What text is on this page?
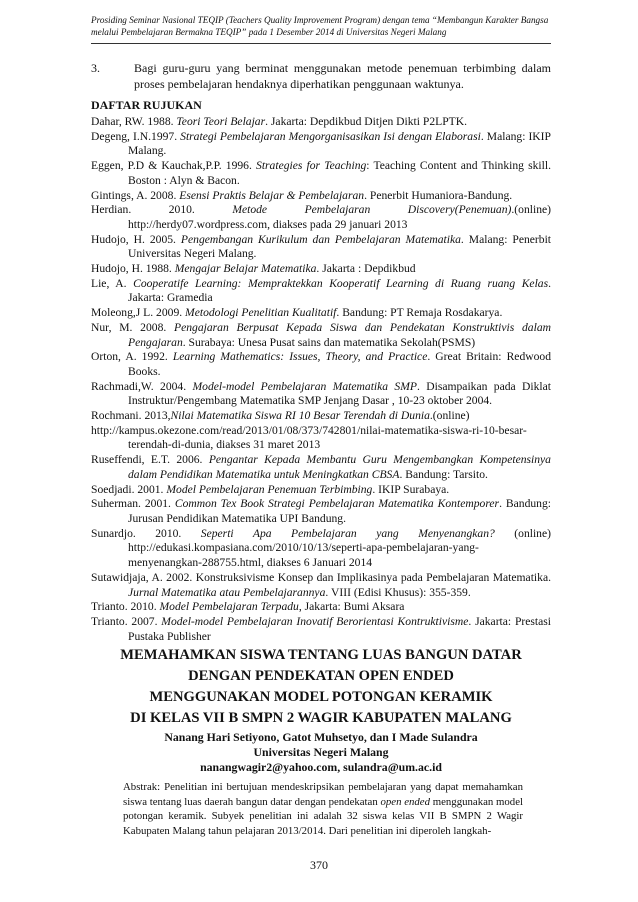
Prosiding Seminar Nasional TEQIP (Teachers Quality Improvement Program) dengan tema “Membangun Karakter Bangsa
melalui Pembelajaran Bermakna TEQIP” pada 1 Desember 2014 di Universitas Negeri Malang
3.	Bagi guru-guru yang berminat menggunakan metode penemuan terbimbing dalam proses pembelajaran hendaknya diperhatikan penggunaan waktunya.
DAFTAR RUJUKAN
Dahar, RW. 1988. Teori Teori Belajar. Jakarta: Depdikbud Ditjen Dikti P2LPTK.
Degeng, I.N.1997. Strategi Pembelajaran Mengorganisasikan Isi dengan Elaborasi. Malang: IKIP Malang.
Eggen, P.D & Kauchak,P.P. 1996. Strategies for Teaching: Teaching Content and Thinking skill. Boston : Alyn & Bacon.
Gintings, A. 2008. Esensi Praktis Belajar & Pembelajaran. Penerbit Humaniora-Bandung.
Herdian. 2010. Metode Pembelajaran Discovery(Penemuan).(online) http://herdy07.wordpress.com, diakses pada 29 januari 2013
Hudojo, H. 2005. Pengembangan Kurikulum dan Pembelajaran Matematika. Malang: Penerbit Universitas Negeri Malang.
Hudojo, H. 1988. Mengajar Belajar Matematika. Jakarta : Depdikbud
Lie, A. Cooperatife Learning: Mempraktekkan Kooperatif Learning di Ruang ruang Kelas. Jakarta: Gramedia
Moleong,J L. 2009. Metodologi Penelitian Kualitatif. Bandung: PT Remaja Rosdakarya.
Nur, M. 2008. Pengajaran Berpusat Kepada Siswa dan Pendekatan Konstruktivis dalam Pengajaran. Surabaya: Unesa Pusat sains dan matematika Sekolah(PSMS)
Orton, A. 1992. Learning Mathematics: Issues, Theory, and Practice. Great Britain: Redwood Books.
Rachmadi,W. 2004. Model-model Pembelajaran Matematika SMP. Disampaikan pada Diklat Instruktur/Pengembang Matematika SMP Jenjang Dasar , 10-23 oktober 2004.
Rochmani. 2013,Nilai Matematika Siswa RI 10 Besar Terendah di Dunia.(online)
http://kampus.okezone.com/read/2013/01/08/373/742801/nilai-matematika-siswa-ri-10-besar-terendah-di-dunia, diakses 31 maret 2013
Ruseffendi, E.T. 2006. Pengantar Kepada Membantu Guru Mengembangkan Kompetensinya dalam Pendidikan Matematika untuk Meningkatkan CBSA. Bandung: Tarsito.
Soedjadi. 2001. Model Pembelajaran Penemuan Terbimbing. IKIP Surabaya.
Suherman. 2001. Common Tex Book Strategi Pembelajaran Matematika Kontemporer. Bandung: Jurusan Pendidikan Matematika UPI Bandung.
Sunardjo. 2010. Seperti Apa Pembelajaran yang Menyenangkan? (online) http://edukasi.kompasiana.com/2010/10/13/seperti-apa-pembelajaran-yang-menyenangkan-288755.html, diakses 6 Januari 2014
Sutawidjaja, A. 2002. Konstruksivisme Konsep dan Implikasinya pada Pembelajaran Matematika. Jurnal Matematika atau Pembelajarannya. VIII (Edisi Khusus): 355-359.
Trianto. 2010. Model Pembelajaran Terpadu, Jakarta: Bumi Aksara
Trianto. 2007. Model-model Pembelajaran Inovatif Berorientasi Kontruktivisme. Jakarta: Prestasi Pustaka Publisher
MEMAHAMKAN SISWA TENTANG LUAS BANGUN DATAR
DENGAN PENDEKATAN OPEN ENDED
MENGGUNAKAN MODEL POTONGAN KERAMIK
DI KELAS VII B SMPN 2 WAGIR KABUPATEN MALANG
Nanang Hari Setiyono, Gatot Muhsetyo, dan I Made Sulandra
Universitas Negeri Malang
nanangwagir2@yahoo.com, sulandra@um.ac.id
Abstrak: Penelitian ini bertujuan mendeskripsikan pembelajaran yang dapat memahamkan siswa tentang luas daerah bangun datar dengan pendekatan open ended menggunakan model potongan keramik. Subyek penelitian ini adalah 32 siswa kelas VII B SMPN 2 Wagir Kabupaten Malang tahun pelajaran 2013/2014. Dari penelitian ini diperoleh langkah-
370
